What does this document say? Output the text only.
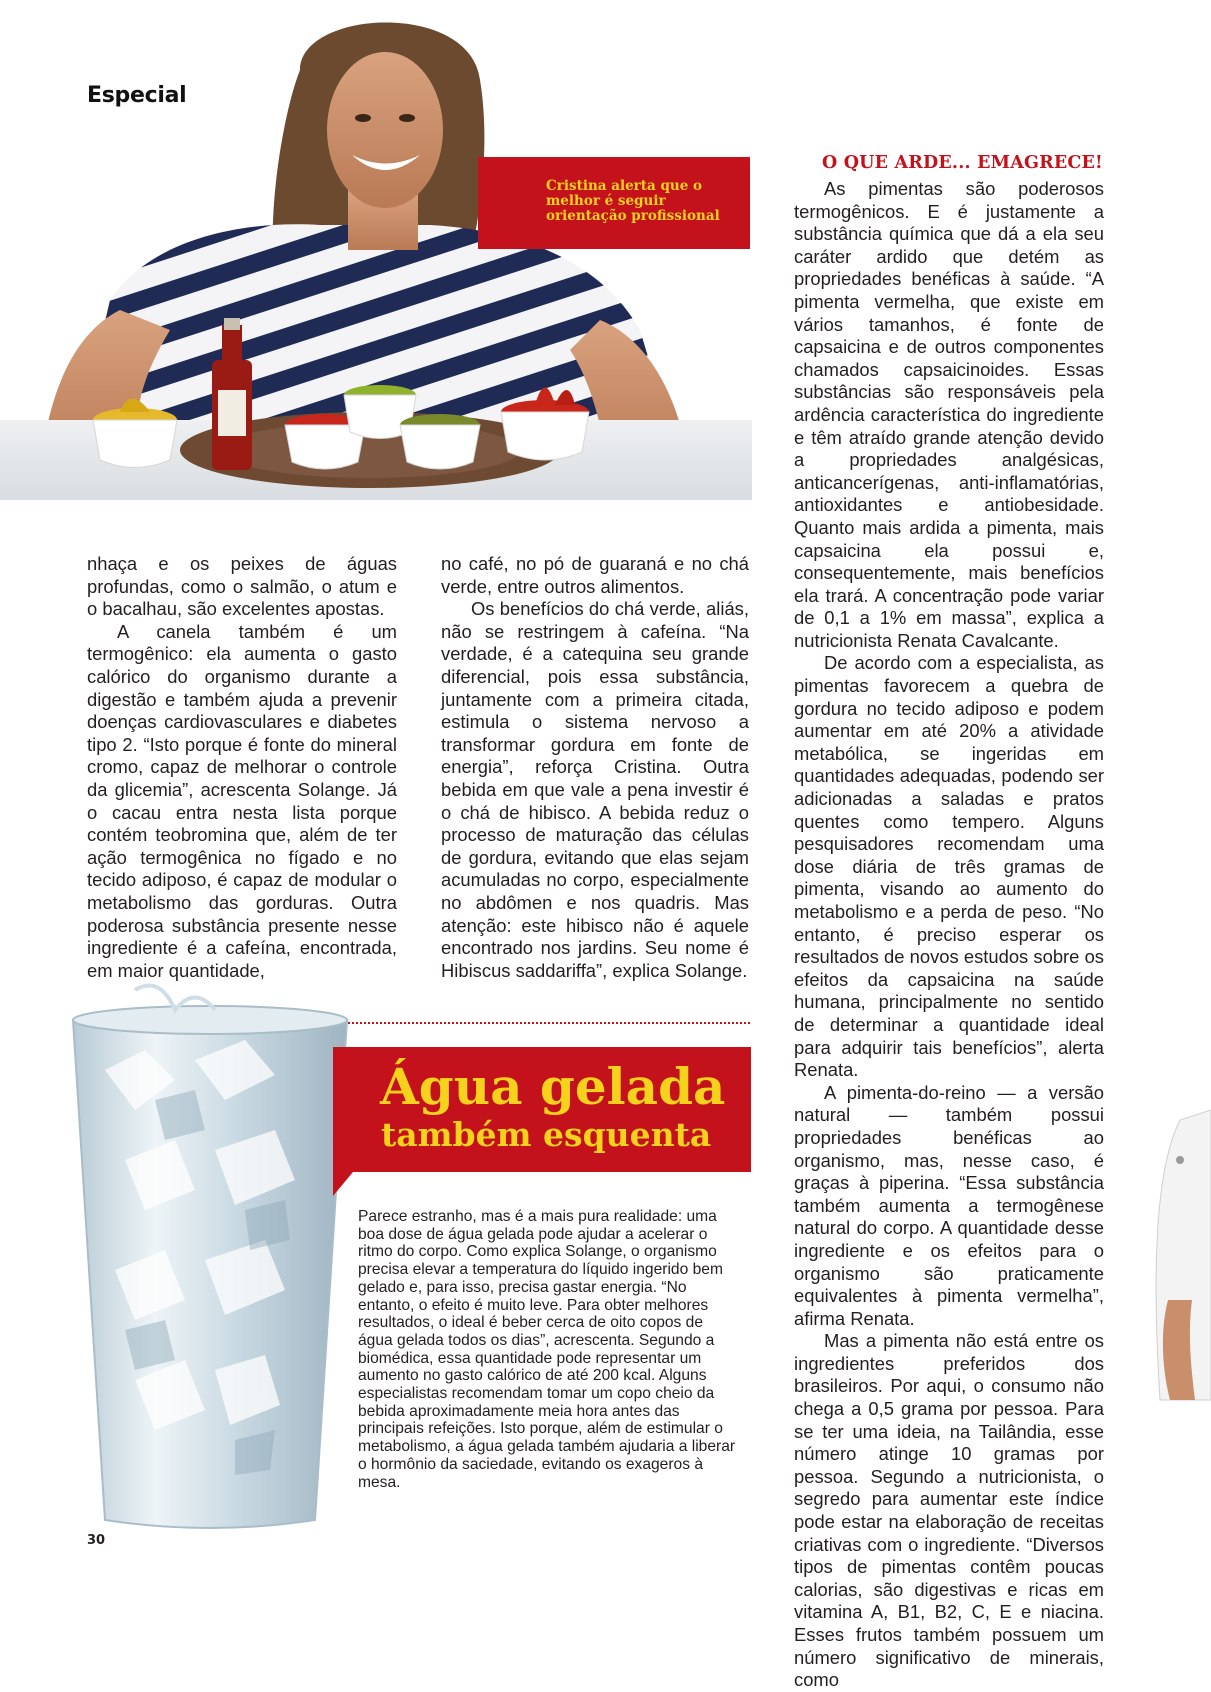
Especial
Cristina alerta que o melhor é seguir orientação profissional

nhaça e os peixes de águas profundas, como o salmão, o atum e o bacalhau, são excelentes apostas.

A canela também é um termogênico: ela aumenta o gasto calórico do organismo durante a digestão e também ajuda a prevenir doenças cardiovasculares e diabetes tipo 2. “Isto porque é fonte do mineral cromo, capaz de melhorar o controle da glicemia”, acrescenta Solange. Já o cacau entra nesta lista porque contém teobromina que, além de ter ação termogênica no fígado e no tecido adiposo, é capaz de modular o metabolismo das gorduras. Outra poderosa substância presente nesse ingrediente é a cafeína, encontrada, em maior quantidade,

no café, no pó de guaraná e no chá verde, entre outros alimentos.

Os benefícios do chá verde, aliás, não se restringem à cafeína. “Na verdade, é a catequina seu grande diferencial, pois essa substância, juntamente com a primeira citada, estimula o sistema nervoso a transformar gordura em fonte de energia”, reforça Cristina. Outra bebida em que vale a pena investir é o chá de hibisco. A bebida reduz o processo de maturação das células de gordura, evitando que elas sejam acumuladas no corpo, especialmente no abdômen e nos quadris. Mas atenção: este hibisco não é aquele encontrado nos jardins. Seu nome é Hibiscus saddariffa”, explica Solange.

O QUE ARDE... EMAGRECE!

As pimentas são poderosos termogênicos. E é justamente a substância química que dá a ela seu caráter ardido que detém as propriedades benéficas à saúde. “A pimenta vermelha, que existe em vários tamanhos, é fonte de capsaicina e de outros componentes chamados capsaicinoides. Essas substâncias são responsáveis pela ardência característica do ingrediente e têm atraído grande atenção devido a propriedades analgésicas, anticancerígenas, anti-inflamatórias, antioxidantes e antiobesidade. Quanto mais ardida a pimenta, mais capsaicina ela possui e, consequentemente, mais benefícios ela trará. A concentração pode variar de 0,1 a 1% em massa”, explica a nutricionista Renata Cavalcante.

De acordo com a especialista, as pimentas favorecem a quebra de gordura no tecido adiposo e podem aumentar em até 20% a atividade metabólica, se ingeridas em quantidades adequadas, podendo ser adicionadas a saladas e pratos quentes como tempero. Alguns pesquisadores recomendam uma dose diária de três gramas de pimenta, visando ao aumento do metabolismo e a perda de peso. “No entanto, é preciso esperar os resultados de novos estudos sobre os efeitos da capsaicina na saúde humana, principalmente no sentido de determinar a quantidade ideal para adquirir tais benefícios”, alerta Renata.

A pimenta-do-reino — a versão natural — também possui propriedades benéficas ao organismo, mas, nesse caso, é graças à piperina. “Essa substância também aumenta a termogênese natural do corpo. A quantidade desse ingrediente e os efeitos para o organismo são praticamente equivalentes à pimenta vermelha”, afirma Renata.

Mas a pimenta não está entre os ingredientes preferidos dos brasileiros. Por aqui, o consumo não chega a 0,5 grama por pessoa. Para se ter uma ideia, na Tailândia, esse número atinge 10 gramas por pessoa. Segundo a nutricionista, o segredo para aumentar este índice pode estar na elaboração de receitas criativas com o ingrediente. “Diversos tipos de pimentas contêm poucas calorias, são digestivas e ricas em vitamina A, B1, B2, C, E e niacina. Esses frutos também possuem um número significativo de minerais, como

Água gelada
também esquenta
Parece estranho, mas é a mais pura realidade: uma boa dose de água gelada pode ajudar a acelerar o ritmo do corpo. Como explica Solange, o organismo precisa elevar a temperatura do líquido ingerido bem gelado e, para isso, precisa gastar energia. “No entanto, o efeito é muito leve. Para obter melhores resultados, o ideal é beber cerca de oito copos de água gelada todos os dias”, acrescenta. Segundo a biomédica, essa quantidade pode representar um aumento no gasto calórico de até 200 kcal. Alguns especialistas recomendam tomar um copo cheio da bebida aproximadamente meia hora antes das principais refeições. Isto porque, além de estimular o metabolismo, a água gelada também ajudaria a liberar o hormônio da saciedade, evitando os exageros à mesa.
30
